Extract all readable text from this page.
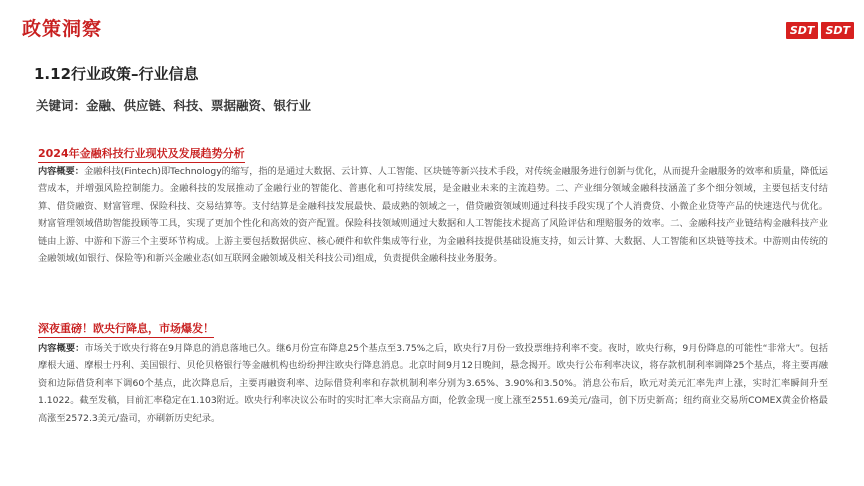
政策洞察	SDT	SDT
1.12行业政策–行业信息
关键词：金融、供应链、科技、票据融资、银行业
2024年金融科技行业现状及发展趋势分析
内容概要：金融科技(Fintech)即Technology的缩写，指的是通过大数据、云计算、人工智能、区块链等新兴技术手段，对传统金融服务进行创新与优化，从而提升金融服务的效率和质量，降低运营成本，并增强风险控制能力。金融科技的发展推动了金融行业的智能化、普惠化和可持续发展，是金融业未来的主流趋势。二、产业细分领域金融科技涵盖了多个细分领域，主要包括支付结算、借贷融资、财富管理、保险科技、交易结算等。支付结算是金融科技发展最快、最成熟的领域之一，借贷融资领域则通过科技手段实现了个人消费贷、小微企业贷等产品的快速迭代与优化。财富管理领域借助智能投顾等工具，实现了更加个性化和高效的资产配置。保险科技领域则通过大数据和人工智能技术提高了风险评估和理赔服务的效率。二、金融科技产业链结构金融科技产业链由上游、中游和下游三个主要环节构成。上游主要包括数据供应、核心硬件和软件集成等行业，为金融科技提供基础设施支持，如云计算、大数据、人工智能和区块链等技术。中游则由传统的金融领域(如银行、保险等)和新兴金融业态(如互联网金融领域及相关科技公司)组成，负责提供金融科技业务服务。
深夜重磅！欧央行降息，市场爆发！
内容概要：市场关于欧央行将在9月降息的消息落地已久。继6月份宣布降息25个基点至3.75%之后，欧央行7月份一致投票维持利率不变。夜时，欧央行称，9月份降息的可能性“非常大”。包括摩根大通、摩根士丹利、美国银行、贝伦贝格银行等金融机构也纷纷押注欧央行降息消息。北京时间9月12日晚间，悬念揭开。欧央行公布利率决议，将存款机制利率调降25个基点，将主要再融资和边际借贷利率下调60个基点，此次降息后，主要再融资利率、边际借贷利率和存款机制利率分别为3.65%、3.90%和3.50%。消息公布后，欧元对美元汇率先声上涨，实时汇率瞬间升至1.1022。截至发稿，目前汇率稳定在1.103附近。欧央行利率决议公布时的实时汇率大宗商品方面，伦敦金现一度上涨至2551.69美元/盎司，创下历史新高；纽约商业交易所COMEX黄金价格最高涨至2572.3美元/盎司，亦刷新历史纪录。
